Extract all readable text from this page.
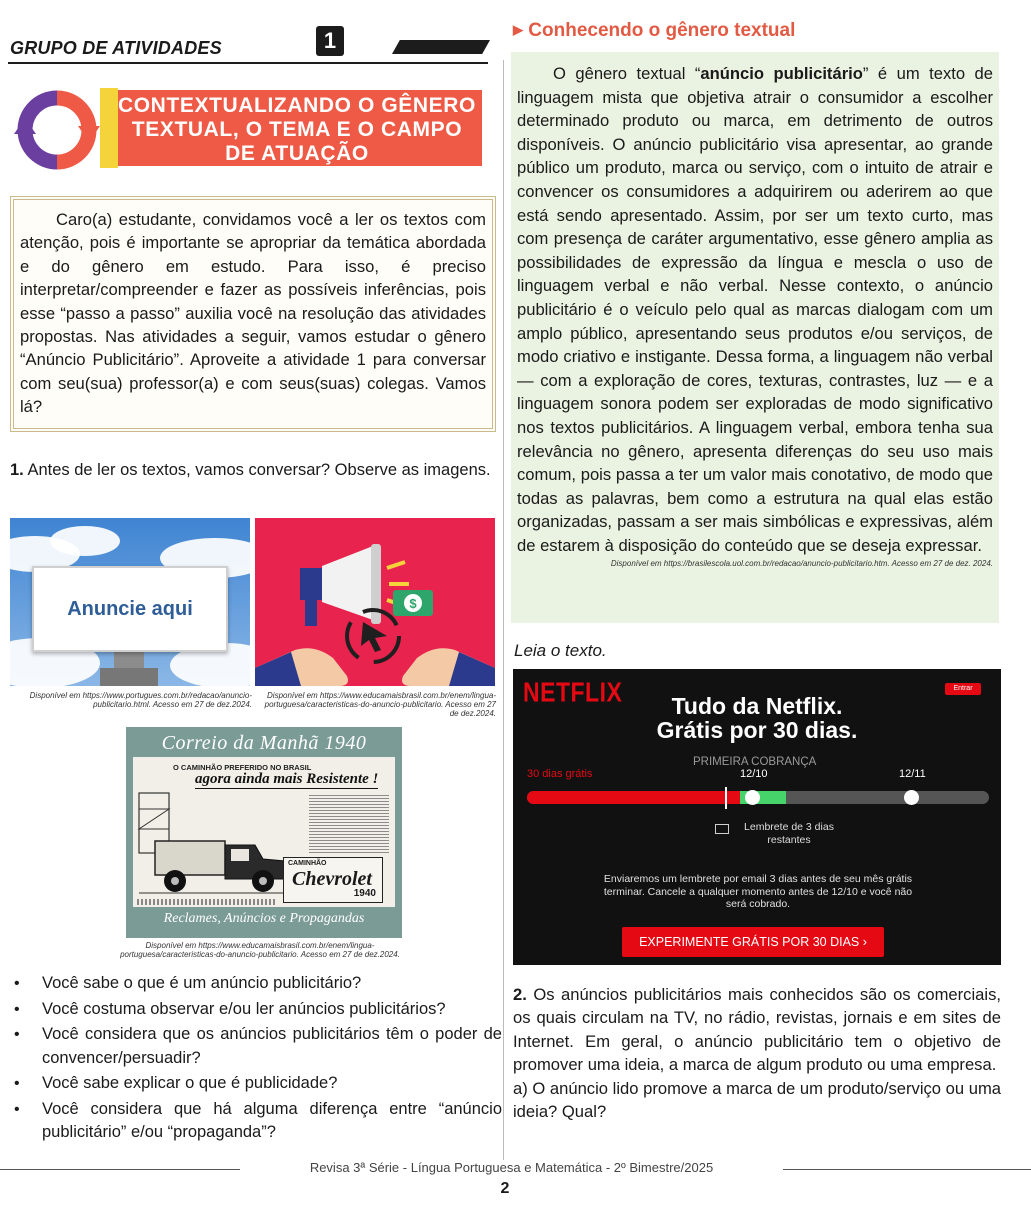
GRUPO DE ATIVIDADES	1
CONTEXTUALIZANDO O GÊNERO
TEXTUAL, O TEMA E O CAMPO
DE ATUAÇÃO

Caro(a) estudante, convidamos você a ler os textos com atenção, pois é importante se apropriar da temática abordada e do gênero em estudo. Para isso, é preciso interpretar/compreender e fazer as possíveis inferências, pois esse “passo a passo” auxilia você na resolução das atividades propostas. Nas atividades a seguir, vamos estudar o gênero “Anúncio Publicitário”. Aproveite a atividade 1 para conversar com seu(sua) professor(a) e com seus(suas) colegas. Vamos lá?

1. Antes de ler os textos, vamos conversar? Observe as imagens.

Anuncie aqui	$
Disponível em https://www.portugues.com.br/redacao/anuncio-publicitario.html. Acesso em 27 de dez.2024.
Disponível em https://www.educamaisbrasil.com.br/enem/lingua-portuguesa/caracteristicas-do-anuncio-publicitario. Acesso em 27 de dez.2024.
Correio da Manhã 1940
O CAMINHÃO PREFERIDO NO BRASIL
agora ainda mais Resistente !
CAMINHÃO
Chevrolet
1940
Reclames, Anúncios e Propagandas
Disponível em https://www.educamaisbrasil.com.br/enem/lingua-portuguesa/caracteristicas-do-anuncio-publicitario. Acesso em 27 de dez.2024.
• Você sabe o que é um anúncio publicitário?
• Você costuma observar e/ou ler anúncios publicitários?
• Você considera que os anúncios publicitários têm o poder de convencer/persuadir?
• Você sabe explicar o que é publicidade?
• Você considera que há alguma diferença entre “anúncio publicitário” e/ou “propaganda”?
▶ Conhecendo o gênero textual

O gênero textual “anúncio publicitário” é um texto de linguagem mista que objetiva atrair o consumidor a escolher determinado produto ou marca, em detrimento de outros disponíveis. O anúncio publicitário visa apresentar, ao grande público um produto, marca ou serviço, com o intuito de atrair e convencer os consumidores a adquirirem ou aderirem ao que está sendo apresentado. Assim, por ser um texto curto, mas com presença de caráter argumentativo, esse gênero amplia as possibilidades de expressão da língua e mescla o uso de linguagem verbal e não verbal. Nesse contexto, o anúncio publicitário é o veículo pelo qual as marcas dialogam com um amplo público, apresentando seus produtos e/ou serviços, de modo criativo e instigante. Dessa forma, a linguagem não verbal — com a exploração de cores, texturas, contrastes, luz — e a linguagem sonora podem ser exploradas de modo significativo nos textos publicitários. A linguagem verbal, embora tenha sua relevância no gênero, apresenta diferenças do seu uso mais comum, pois passa a ter um valor mais conotativo, de modo que todas as palavras, bem como a estrutura na qual elas estão organizadas, passam a ser mais simbólicas e expressivas, além de estarem à disposição do conteúdo que se deseja expressar.

Disponível em https://brasilescola.uol.com.br/redacao/anuncio-publicitario.htm. Acesso em 27 de dez. 2024.
Leia o texto.
NETFLIX	Entrar
Tudo da Netflix.
Grátis por 30 dias.
PRIMEIRA COBRANÇA
30 dias grátis	12/10	12/11
Lembrete de 3 dias
restantes
Enviaremos um lembrete por email 3 dias antes de seu mês grátis terminar. Cancele a qualquer momento antes de 12/10 e você não será cobrado.
EXPERIMENTE GRÁTIS POR 30 DIAS ›

2. Os anúncios publicitários mais conhecidos são os comerciais, os quais circulam na TV, no rádio, revistas, jornais e em sites de Internet. Em geral, o anúncio publicitário tem o objetivo de promover uma ideia, a marca de algum produto ou uma empresa.

a) O anúncio lido promove a marca de um produto/serviço ou uma ideia? Qual?

Revisa 3ª Série - Língua Portuguesa e Matemática - 2º Bimestre/2025
2
